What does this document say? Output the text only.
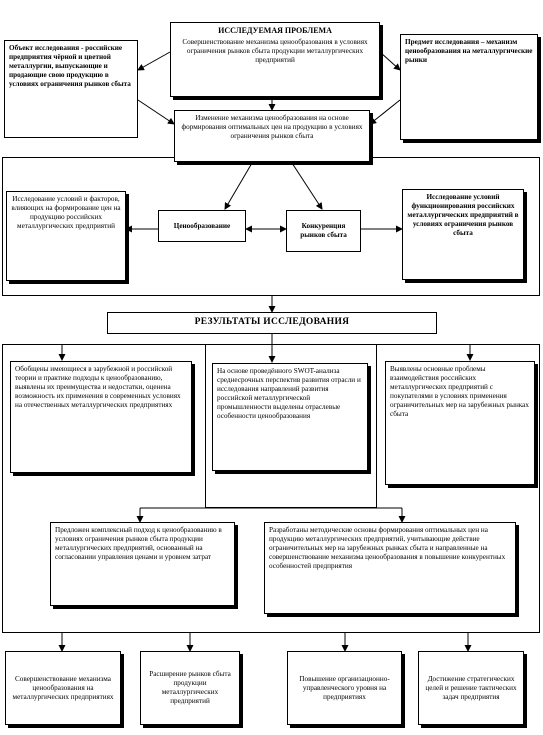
ИССЛЕДУЕМАЯ ПРОБЛЕМА
Совершенствование механизма ценообразования в условиях ограничения рынков сбыта продукции металлургических предприятий
Объект исследования - российские предприятия чёрной и цветной металлургии, выпускающие и продающие свою продукцию в условиях ограничения рынков сбыта
Предмет исследования – механизм ценообразования на металлургические рынки
Изменение механизма ценообразования на основе формирования оптимальных цен на продукцию в условиях ограничения рынков сбыта
Исследование условий и факторов, влияющих на формирование цен на продукцию российских металлургических предприятий	Ценообразование	Конкуренция рынков сбыта
Исследование условий функционирования российских металлургических предприятий в условиях ограничения рынков сбыта
РЕЗУЛЬТАТЫ ИССЛЕДОВАНИЯ
Обобщены имеющиеся в зарубежной и российской теории и практике подходы к ценообразованию, выявлены их преимущества и недостатки, оценена возможность их применения в современных условиях на отечественных металлургических предприятиях
На основе проведённого SWOT-анализа среднесрочных перспектив развития отрасли и исследования направлений развития российской металлургической промышленности выделены отраслевые особенности ценообразования
Выявлены основные проблемы взаимодействия российских металлургических предприятий с покупателями в условиях применения ограничительных мер на зарубежных рынках сбыта
Предложен комплексный подход к ценообразованию в условиях ограничения рынков сбыта продукции металлургических предприятий, основанный на согласовании управления ценами и уровнем затрат
Разработаны методические основы формирования оптимальных цен на продукцию металлургических предприятий, учитывающие действие ограничительных мер на зарубежных рынках сбыта и направленные на совершенствование механизма ценообразования в повышение конкурентных особенностей предприятия
Совершенствование механизма ценообразования на металлургических предприятиях
Расширение рынков сбыта продукции металлургических предприятий
Повышение организационно-управленческого уровня на предприятиях
Достижение стратегических целей и решение тактических задач предприятия
